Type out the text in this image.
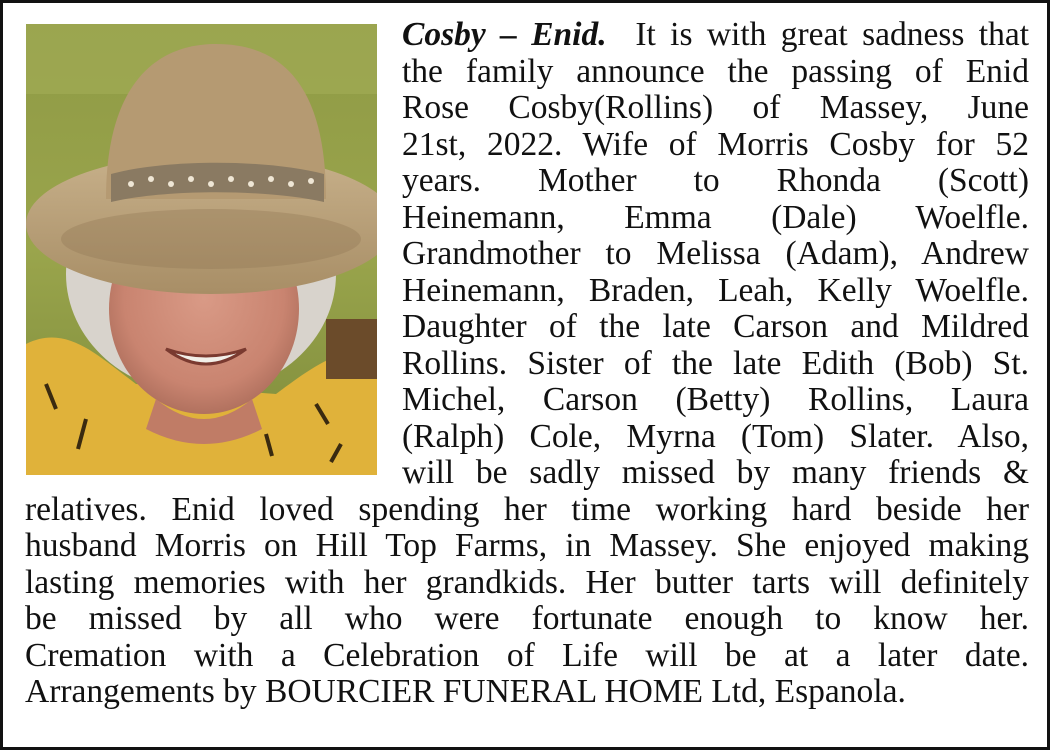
Cosby – Enid. It is with great sadness that
the family announce the passing of Enid
Rose Cosby(Rollins) of Massey, June
21st, 2022. Wife of Morris Cosby for 52
years. Mother to Rhonda (Scott)
Heinemann, Emma (Dale) Woelfle.
Grandmother to Melissa (Adam), Andrew
Heinemann, Braden, Leah, Kelly Woelfle.
Daughter of the late Carson and Mildred
Rollins. Sister of the late Edith (Bob) St.
Michel, Carson (Betty) Rollins, Laura
(Ralph) Cole, Myrna (Tom) Slater. Also,
will be sadly missed by many friends &
relatives. Enid loved spending her time working hard beside her
husband Morris on Hill Top Farms, in Massey. She enjoyed making
lasting memories with her grandkids. Her butter tarts will definitely
be missed by all who were fortunate enough to know her.
Cremation with a Celebration of Life will be at a later date.
Arrangements by BOURCIER FUNERAL HOME Ltd, Espanola.
